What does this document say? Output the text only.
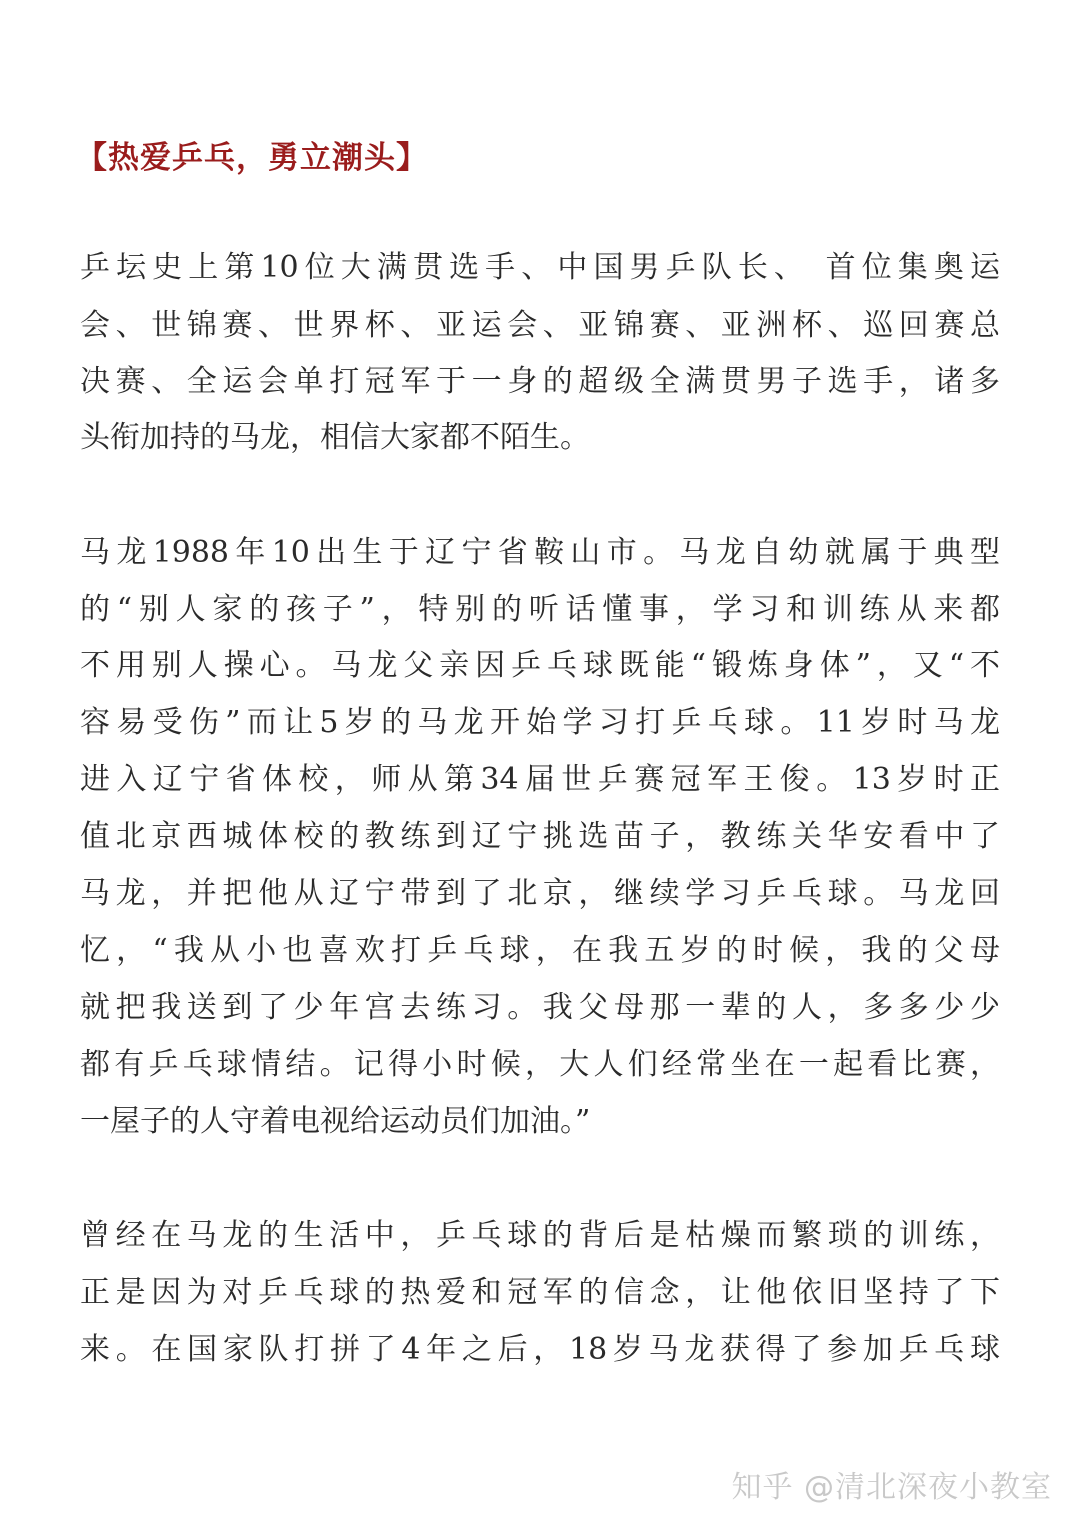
【热爱乒乓，勇立潮头】
乒坛史上第10位大满贯选手、中国男乒队长、 首位集奥运
会、世锦赛、世界杯、亚运会、亚锦赛、亚洲杯、巡回赛总
决赛、全运会单打冠军于一身的超级全满贯男子选手，诸多
头衔加持的马龙，相信大家都不陌生。
马龙1988年10出生于辽宁省鞍山市。马龙自幼就属于典型
的“别人家的孩子”，特别的听话懂事，学习和训练从来都
不用别人操心。马龙父亲因乒乓球既能“锻炼身体”，又“不
容易受伤”而让5岁的马龙开始学习打乒乓球。11岁时马龙
进入辽宁省体校，师从第34届世乒赛冠军王俊。13岁时正
值北京西城体校的教练到辽宁挑选苗子，教练关华安看中了
马龙，并把他从辽宁带到了北京，继续学习乒乓球。马龙回
忆，“我从小也喜欢打乒乓球，在我五岁的时候，我的父母
就把我送到了少年宫去练习。我父母那一辈的人，多多少少
都有乒乓球情结。记得小时候，大人们经常坐在一起看比赛，
一屋子的人守着电视给运动员们加油。”
曾经在马龙的生活中，乒乓球的背后是枯燥而繁琐的训练，
正是因为对乒乓球的热爱和冠军的信念，让他依旧坚持了下
来。在国家队打拼了4年之后，18岁马龙获得了参加乒乓球
知乎 @清北深夜小教室
